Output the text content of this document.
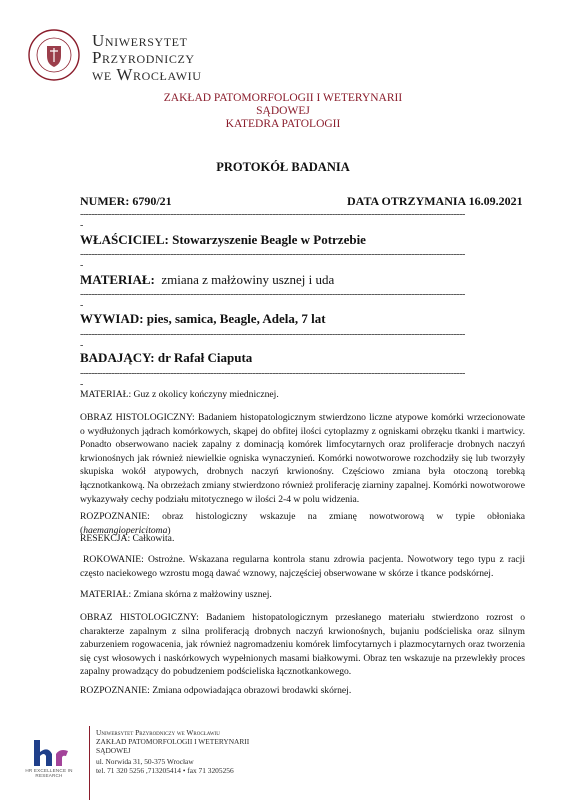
Uniwersytet
Przyrodniczy
we Wrocławiu
ZAKŁAD PATOMORFOLOGII I WETERYNARII
SĄDOWEJ
KATEDRA PATOLOGII
PROTOKÓŁ BADANIA
NUMER: 6790/21	DATA OTRZYMANIA 16.09.2021
----------------------------------------------------------------------------------------------------------------------------------------
-
WŁAŚCICIEL: Stowarzyszenie Beagle w Potrzebie
----------------------------------------------------------------------------------------------------------------------------------------
-
MATERIAŁ: zmiana z małżowiny usznej i uda
----------------------------------------------------------------------------------------------------------------------------------------
-
WYWIAD: pies, samica, Beagle, Adela, 7 lat
----------------------------------------------------------------------------------------------------------------------------------------
-
BADAJĄCY: dr Rafał Ciaputa
----------------------------------------------------------------------------------------------------------------------------------------
-
MATERIAŁ: Guz z okolicy kończyny miednicznej.
OBRAZ HISTOLOGICZNY: Badaniem histopatologicznym stwierdzono liczne atypowe komórki wrzecionowate o wydłużonych jądrach komórkowych, skąpej do obfitej ilości cytoplazmy z ogniskami obrzęku tkanki i martwicy. Ponadto obserwowano naciek zapalny z dominacją komórek limfocytarnych oraz proliferacje drobnych naczyń krwionośnych jak również niewielkie ogniska wynaczynień. Komórki nowotworowe rozchodziły się lub tworzyły skupiska wokół atypowych, drobnych naczyń krwionośny. Częściowo zmiana była otoczoną torebką łącznotkankową. Na obrzeżach zmiany stwierdzono również proliferację ziarniny zapalnej. Komórki nowotworowe wykazywały cechy podziału mitotycznego w ilości 2-4 w polu widzenia.
ROZPOZNANIE: obraz histologiczny wskazuje na zmianę nowotworową w typie obłoniaka (haemangiopericitoma)
RESEKCJA: Całkowita.
ROKOWANIE: Ostrożne. Wskazana regularna kontrola stanu zdrowia pacjenta. Nowotwory tego typu z racji często naciekowego wzrostu mogą dawać wznowy, najczęściej obserwowane w skórze i tkance podskórnej.
MATERIAŁ: Zmiana skórna z małżowiny usznej.
OBRAZ HISTOLOGICZNY: Badaniem histopatologicznym przesłanego materiału stwierdzono rozrost o charakterze zapalnym z silna proliferacją drobnych naczyń krwionośnych, bujaniu podścieliska oraz silnym zaburzeniem rogowacenia, jak również nagromadzeniu komórek limfocytarnych i plazmocytarnych oraz tworzenia się cyst włosowych i naskórkowych wypełnionych masami białkowymi. Obraz ten wskazuje na przewlekły proces zapalny prowadzący do pobudzeniem podścieliska łącznotkankowego.
ROZPOZNANIE: Zmiana odpowiadająca obrazowi brodawki skórnej.
HR EXCELLENCE IN RESEARCH
Uniwersytet Przyrodniczy we Wrocławiu
ZAKŁAD PATOMORFOLOGII I WETERYNARII
SĄDOWEJ
ul. Norwida 31, 50-375 Wrocław
tel. 71 320 5256 ,713205414 • fax 71 3205256
